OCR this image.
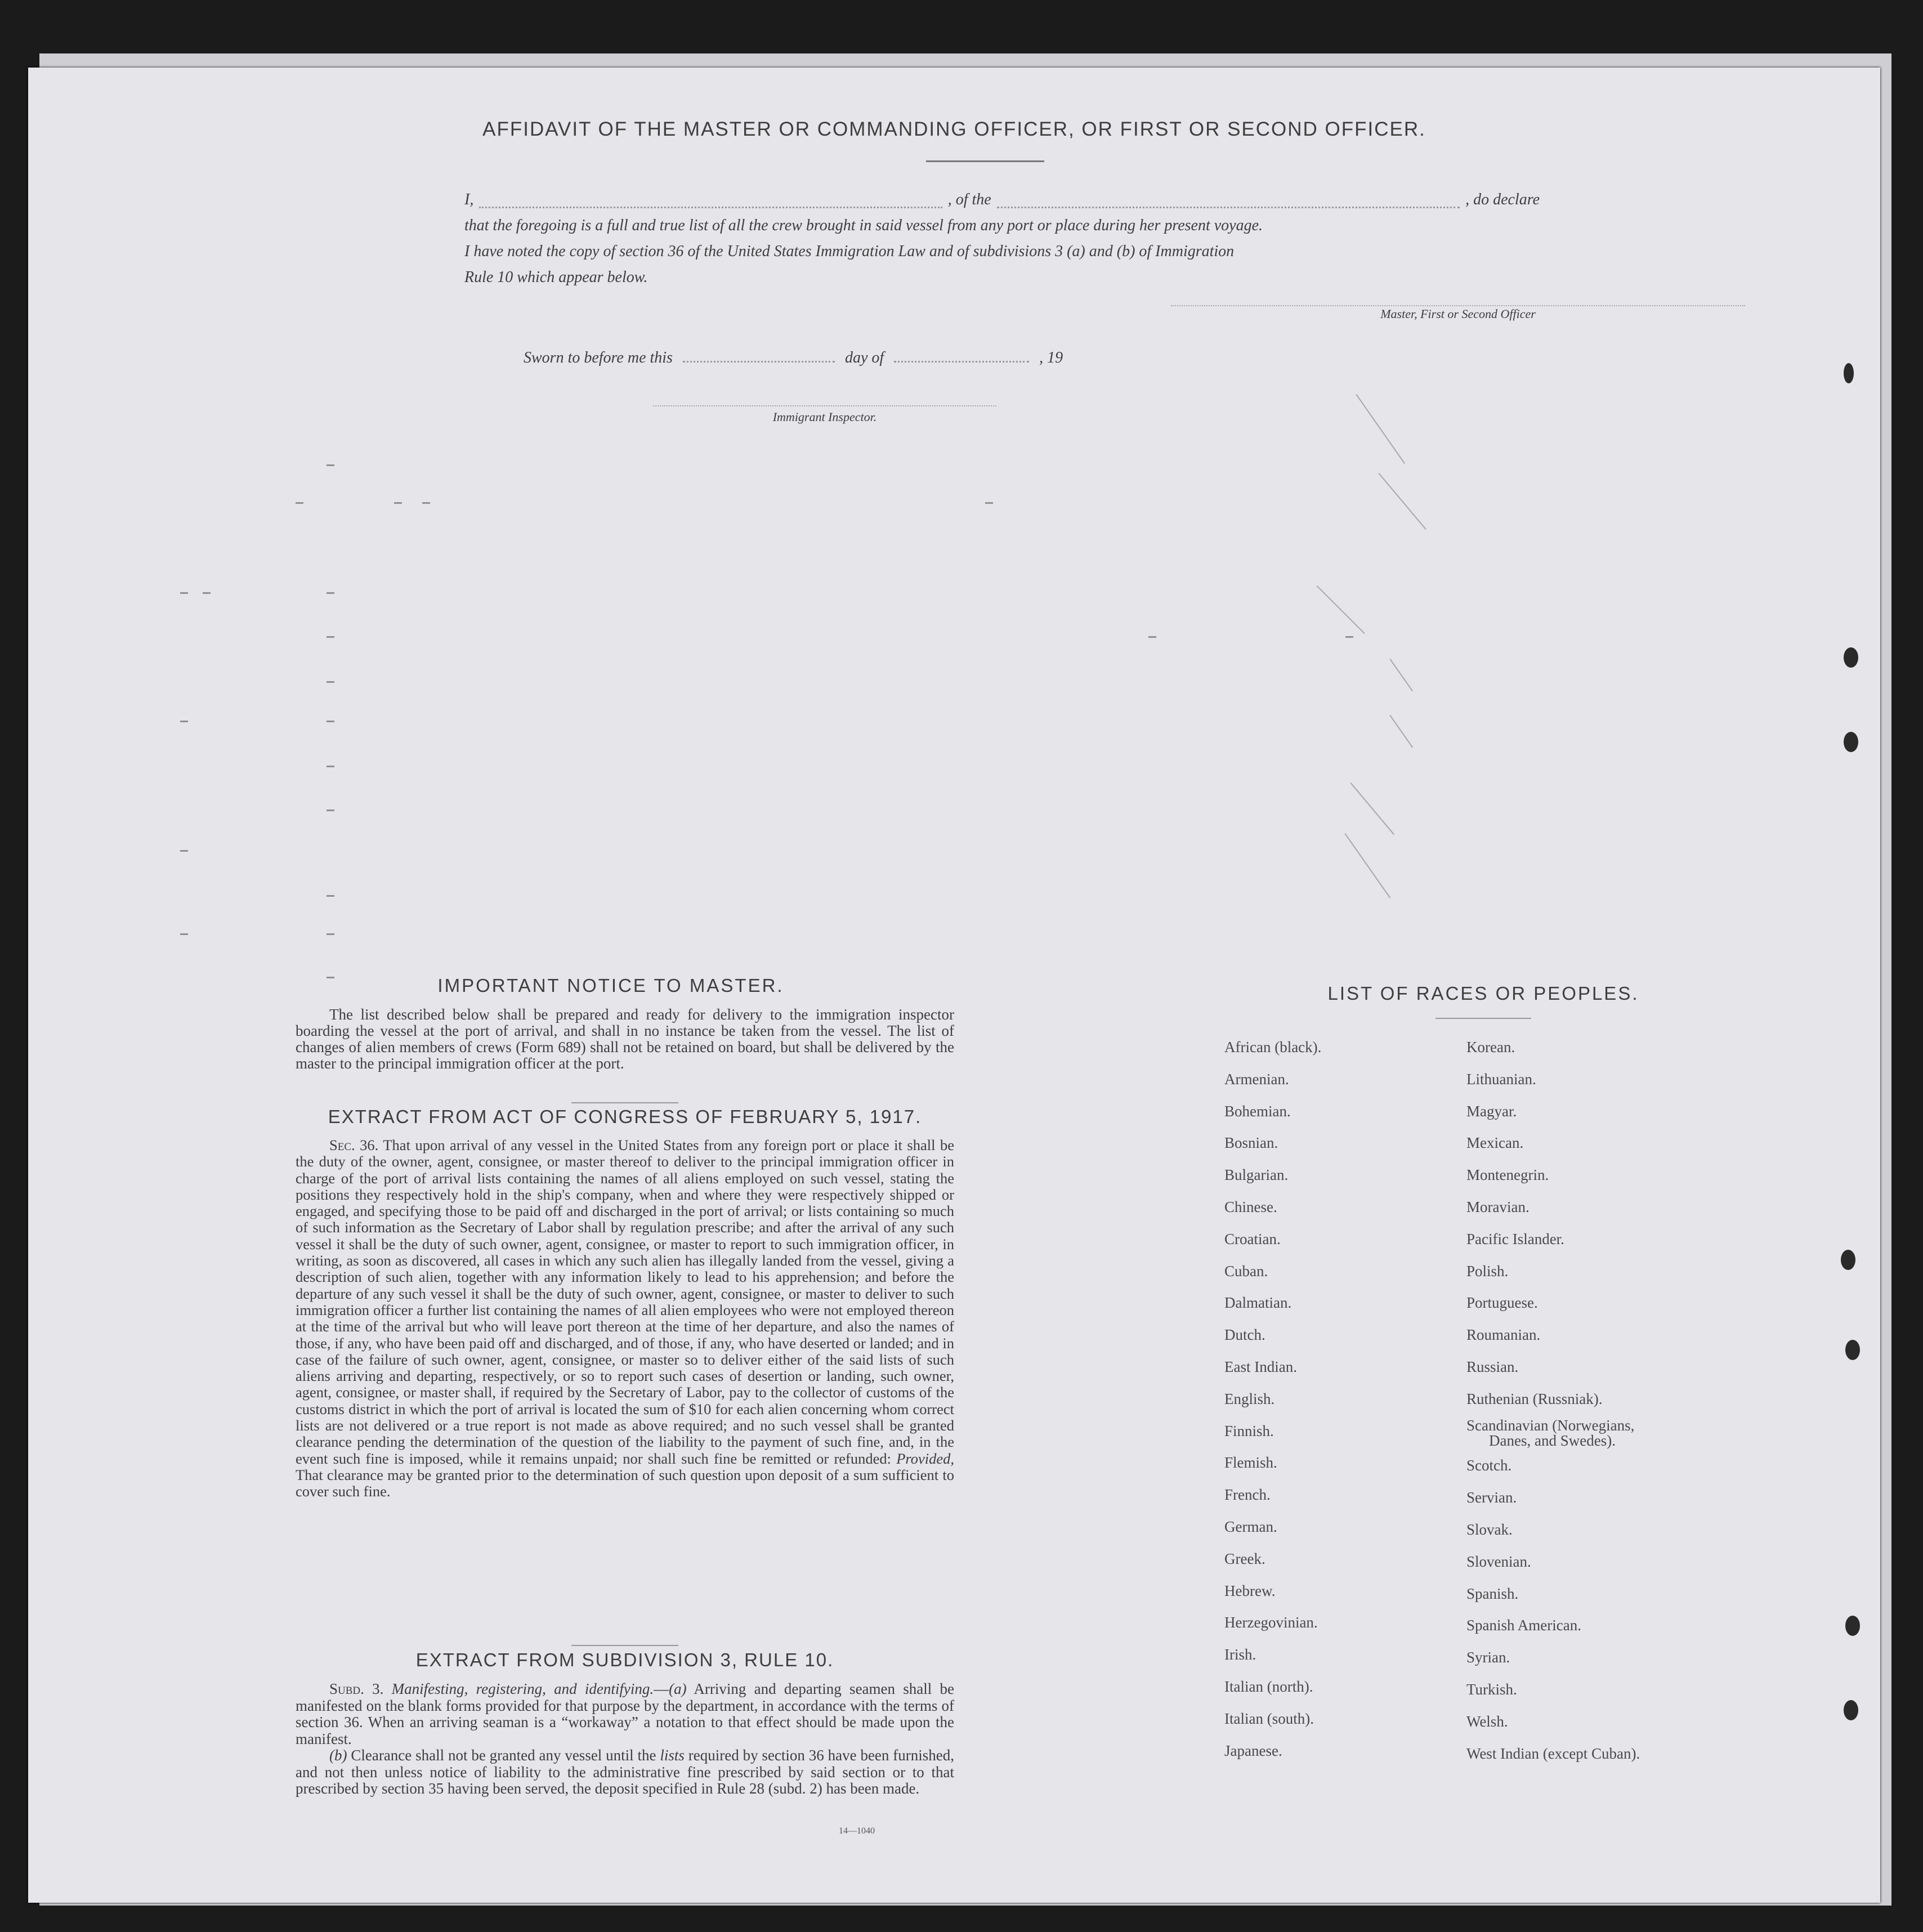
AFFIDAVIT OF THE MASTER OR COMMANDING OFFICER, OR FIRST OR SECOND OFFICER.
I,	, of the	, do declare
that the foregoing is a full and true list of all the crew brought in said vessel from any port or place during her present voyage.
I have noted the copy of section 36 of the United States Immigration Law and of subdivisions 3 (a) and (b) of Immigration
Rule 10 which appear below.
Master, First or Second Officer
Sworn to before me this	day of	, 19
Immigrant Inspector.
IMPORTANT NOTICE TO MASTER.
The list described below shall be prepared and ready for delivery to the immigration inspector boarding the vessel at the port of arrival, and shall in no instance be taken from the vessel. The list of changes of alien members of crews (Form 689) shall not be retained on board, but shall be delivered by the master to the principal immigration officer at the port.
EXTRACT FROM ACT OF CONGRESS OF FEBRUARY 5, 1917.
Sec. 36. That upon arrival of any vessel in the United States from any foreign port or place it shall be the duty of the owner, agent, consignee, or master thereof to deliver to the principal immigration officer in charge of the port of arrival lists containing the names of all aliens employed on such vessel, stating the positions they respectively hold in the ship's company, when and where they were respectively shipped or engaged, and specifying those to be paid off and discharged in the port of arrival; or lists containing so much of such information as the Secretary of Labor shall by regulation prescribe; and after the arrival of any such vessel it shall be the duty of such owner, agent, consignee, or master to report to such immigration officer, in writing, as soon as discovered, all cases in which any such alien has illegally landed from the vessel, giving a description of such alien, together with any information likely to lead to his apprehension; and before the departure of any such vessel it shall be the duty of such owner, agent, consignee, or master to deliver to such immigration officer a further list containing the names of all alien employees who were not employed thereon at the time of the arrival but who will leave port thereon at the time of her departure, and also the names of those, if any, who have been paid off and discharged, and of those, if any, who have deserted or landed; and in case of the failure of such owner, agent, consignee, or master so to deliver either of the said lists of such aliens arriving and departing, respectively, or so to report such cases of desertion or landing, such owner, agent, consignee, or master shall, if required by the Secretary of Labor, pay to the collector of customs of the customs district in which the port of arrival is located the sum of $10 for each alien concerning whom correct lists are not delivered or a true report is not made as above required; and no such vessel shall be granted clearance pending the determination of the question of the liability to the payment of such fine, and, in the event such fine is imposed, while it remains unpaid; nor shall such fine be remitted or refunded: Provided, That clearance may be granted prior to the determination of such question upon deposit of a sum sufficient to cover such fine.
EXTRACT FROM SUBDIVISION 3, RULE 10.

Subd. 3. Manifesting, registering, and identifying.—(a) Arriving and departing seamen shall be manifested on the blank forms provided for that purpose by the department, in accordance with the terms of section 36. When an arriving seaman is a “workaway” a notation to that effect should be made upon the manifest.

(b) Clearance shall not be granted any vessel until the lists required by section 36 have been furnished, and not then unless notice of liability to the administrative fine prescribed by said section or to that prescribed by section 35 having been served, the deposit specified in Rule 28 (subd. 2) has been made.

14—1040
LIST OF RACES OR PEOPLES.
African (black).
Armenian.
Bohemian.
Bosnian.
Bulgarian.
Chinese.
Croatian.
Cuban.
Dalmatian.
Dutch.
East Indian.
English.
Finnish.
Flemish.
French.
German.
Greek.
Hebrew.
Herzegovinian.
Irish.
Italian (north).
Italian (south).
Japanese.
Korean.
Lithuanian.
Magyar.
Mexican.
Montenegrin.
Moravian.
Pacific Islander.
Polish.
Portuguese.
Roumanian.
Russian.
Ruthenian (Russniak).
Scandinavian (Norwegians,
Danes, and Swedes).
Scotch.
Servian.
Slovak.
Slovenian.
Spanish.
Spanish American.
Syrian.
Turkish.
Welsh.
West Indian (except Cuban).
